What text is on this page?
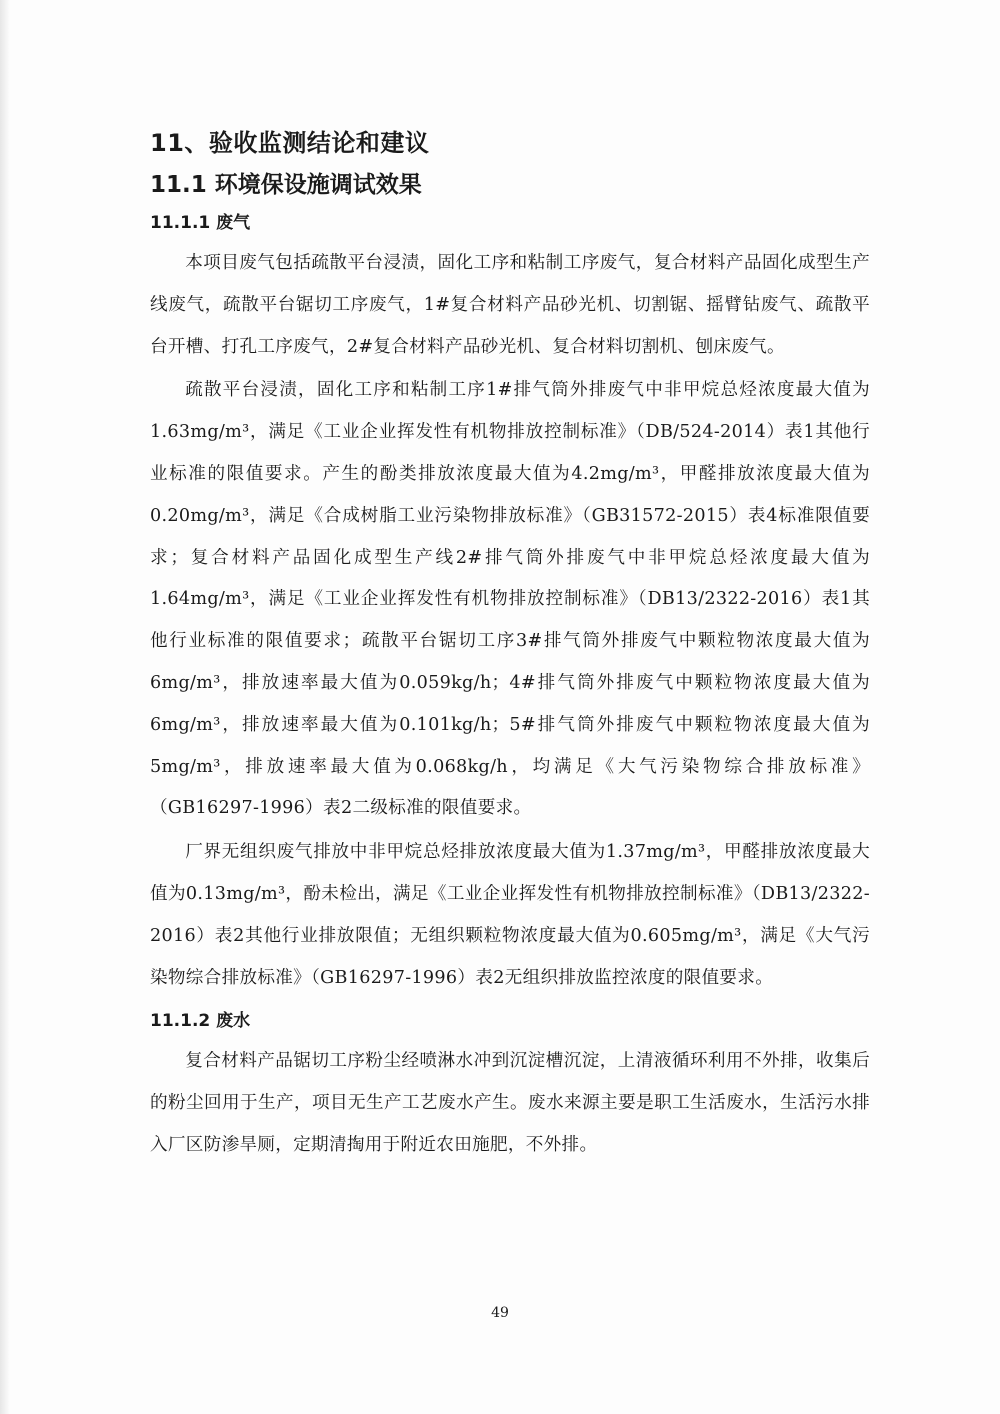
11、验收监测结论和建议
11.1 环境保设施调试效果
11.1.1 废气

本项目废气包括疏散平台浸渍，固化工序和粘制工序废气，复合材料产品固化成型生产线废气，疏散平台锯切工序废气，1#复合材料产品砂光机、切割锯、摇臂钻废气、疏散平台开槽、打孔工序废气，2#复合材料产品砂光机、复合材料切割机、刨床废气。

疏散平台浸渍，固化工序和粘制工序1#排气筒外排废气中非甲烷总烃浓度最大值为1.63mg/m³，满足《工业企业挥发性有机物排放控制标准》（DB/524-2014）表1其他行业标准的限值要求。产生的酚类排放浓度最大值为4.2mg/m³，甲醛排放浓度最大值为0.20mg/m³，满足《合成树脂工业污染物排放标准》（GB31572-2015）表4标准限值要求；复合材料产品固化成型生产线2#排气筒外排废气中非甲烷总烃浓度最大值为1.64mg/m³，满足《工业企业挥发性有机物排放控制标准》（DB13/2322-2016）表1其他行业标准的限值要求；疏散平台锯切工序3#排气筒外排废气中颗粒物浓度最大值为6mg/m³，排放速率最大值为0.059kg/h；4#排气筒外排废气中颗粒物浓度最大值为6mg/m³，排放速率最大值为0.101kg/h；5#排气筒外排废气中颗粒物浓度最大值为5mg/m³，排放速率最大值为0.068kg/h，均满足《大气污染物综合排放标准》（GB16297-1996）表2二级标准的限值要求。

厂界无组织废气排放中非甲烷总烃排放浓度最大值为1.37mg/m³，甲醛排放浓度最大值为0.13mg/m³，酚未检出，满足《工业企业挥发性有机物排放控制标准》（DB13/2322-2016）表2其他行业排放限值；无组织颗粒物浓度最大值为0.605mg/m³，满足《大气污染物综合排放标准》（GB16297-1996）表2无组织排放监控浓度的限值要求。

11.1.2 废水

复合材料产品锯切工序粉尘经喷淋水冲到沉淀槽沉淀，上清液循环利用不外排，收集后的粉尘回用于生产，项目无生产工艺废水产生。废水来源主要是职工生活废水，生活污水排入厂区防渗旱厕，定期清掏用于附近农田施肥，不外排。

49
